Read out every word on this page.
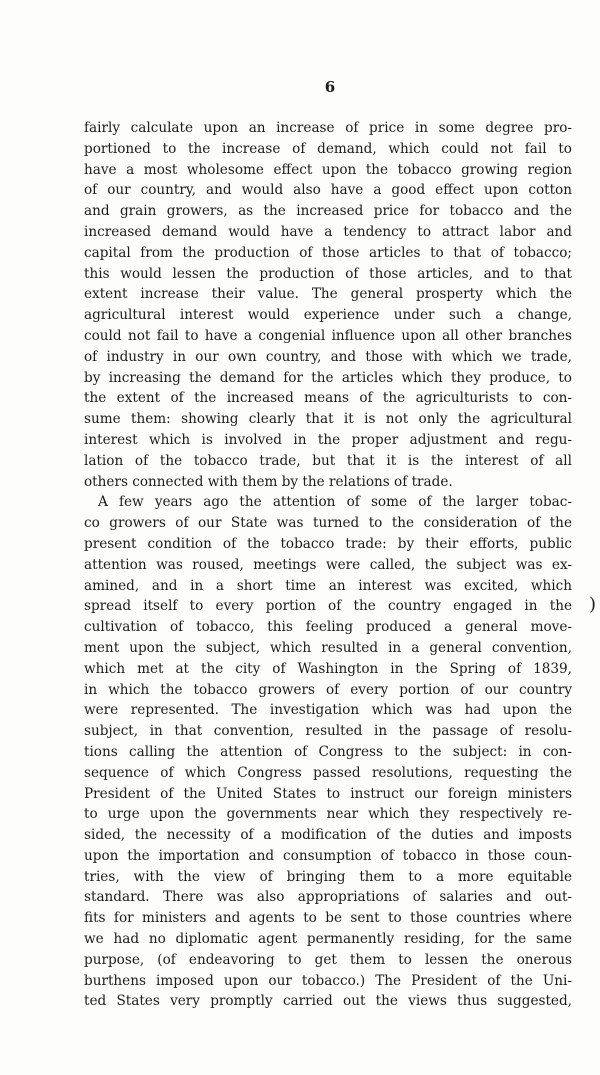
6
fairly calculate upon an increase of price in some degree pro-
portioned to the increase of demand, which could not fail to
have a most wholesome effect upon the tobacco growing region
of our country, and would also have a good effect upon cotton
and grain growers, as the increased price for tobacco and the
increased demand would have a tendency to attract labor and
capital from the production of those articles to that of tobacco;
this would lessen the production of those articles, and to that
extent increase their value. The general prosperty which the
agricultural interest would experience under such a change,
could not fail to have a congenial influence upon all other branches
of industry in our own country, and those with which we trade,
by increasing the demand for the articles which they produce, to
the extent of the increased means of the agriculturists to con-
sume them: showing clearly that it is not only the agricultural
interest which is involved in the proper adjustment and regu-
lation of the tobacco trade, but that it is the interest of all
others connected with them by the relations of trade.
A few years ago the attention of some of the larger tobac-
co growers of our State was turned to the consideration of the
present condition of the tobacco trade: by their efforts, public
attention was roused, meetings were called, the subject was ex-
amined, and in a short time an interest was excited, which
spread itself to every portion of the country engaged in the
cultivation of tobacco, this feeling produced a general move-
ment upon the subject, which resulted in a general convention,
which met at the city of Washington in the Spring of 1839,
in which the tobacco growers of every portion of our country
were represented. The investigation which was had upon the
subject, in that convention, resulted in the passage of resolu-
tions calling the attention of Congress to the subject: in con-
sequence of which Congress passed resolutions, requesting the
President of the United States to instruct our foreign ministers
to urge upon the governments near which they respectively re-
sided, the necessity of a modification of the duties and imposts
upon the importation and consumption of tobacco in those coun-
tries, with the view of bringing them to a more equitable
standard. There was also appropriations of salaries and out-
fits for ministers and agents to be sent to those countries where
we had no diplomatic agent permanently residing, for the same
purpose, (of endeavoring to get them to lessen the onerous
burthens imposed upon our tobacco.) The President of the Uni-
ted States very promptly carried out the views thus suggested,
)
